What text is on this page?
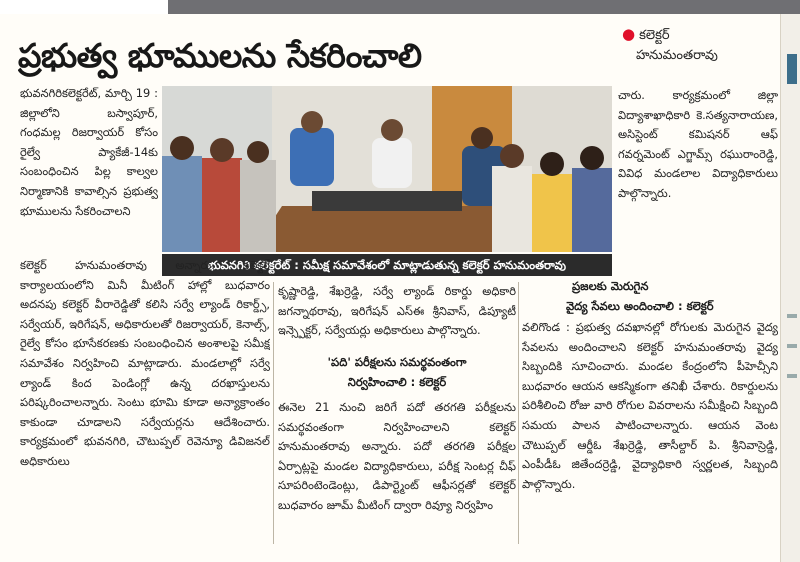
ప్రభుత్వ భూములను సేకరించాలి
● కలెక్టర్
హనుమంతరావు

భువనగిరికలెక్టరేట్, మార్చి 19 : జిల్లాలోని బస్వాపూర్, గంధమల్ల రిజర్వాయర్ కోసం రైల్వే ప్యాకేజీ-14కు సంబంధించిన పిల్ల కాల్వల నిర్మాణానికి కావాల్సిన ప్రభుత్వ భూములను సేకరించాలని

భువనగిరి కలెక్టరేట్ : సమీక్ష సమావేశంలో మాట్లాడుతున్న కలెక్టర్ హనుమంతరావు

కలెక్టర్ హనుమంతరావు అన్నారు. కలెక్టర్ కార్యాలయంలోని మినీ మీటింగ్ హాల్లో బుధవారం అదనపు కలెక్టర్ వీరారెడ్డితో కలిసి సర్వే ల్యాండ్ రికార్డ్స్, సర్వేయర్, ఇరిగేషన్, అధికారులతో రిజర్వాయర్, కెనాల్స్, రైల్వే కోసం భూసేకరణకు సంబంధించిన అంశాలపై సమీక్ష సమావేశం నిర్వహించి మాట్లాడారు. మండలాల్లో సర్వే ల్యాండ్ కింద పెండింగ్లో ఉన్న దరఖాస్తులను పరిష్కరించాలన్నారు. సెంటు భూమి కూడా అన్యాక్రాంతం కాకుండా చూడాలని సర్వేయర్లను ఆదేశించారు. కార్యక్రమంలో భువనగిరి, చౌటుప్పల్ రెవెన్యూ డివిజనల్ అధికారులు

కృష్ణారెడ్డి, శేఖర్రెడ్డి, సర్వే ల్యాండ్ రికార్డు అధికారి జగన్నాథరావు, ఇరిగేషన్ ఎస్ఈ శ్రీనివాస్, డిప్యూటీ ఇన్స్పెక్టర్, సర్వేయర్లు అధికారులు పాల్గొన్నారు.

'పది' పరీక్షలను సమర్థవంతంగా
నిర్వహించాలి : కలెక్టర్

ఈనెల 21 నుంచి జరిగే పదో తరగతి పరీక్షలను సమర్థవంతంగా నిర్వహించాలని కలెక్టర్ హనుమంతరావు అన్నారు. పదో తరగతి పరీక్షల ఏర్పాట్లపై మండల విద్యాధికారులు, పరీక్ష సెంటర్ల చీఫ్ సూపరింటెండెంట్లు, డిపార్ట్మెంట్ ఆఫీసర్లతో కలెక్టర్ బుధవారం జూమ్ మీటింగ్ ద్వారా రివ్యూ నిర్వహిం

చారు. కార్యక్రమంలో జిల్లా విద్యాశాఖాధికారి కె.సత్యనారాయణ, అసిస్టెంట్ కమిషనర్ ఆఫ్ గవర్నమెంట్ ఎగ్జామ్స్ రఘురాంరెడ్డి, వివిధ మండలాల విద్యాధికారులు పాల్గొన్నారు.

ప్రజలకు మెరుగైన
వైద్య సేవలు అందించాలి : కలెక్టర్

వలిగొండ : ప్రభుత్వ దవఖానల్లో రోగులకు మెరుగైన వైద్య సేవలను అందించాలని కలెక్టర్ హనుమంతరావు వైద్య సిబ్బందికి సూచించారు. మండల కేంద్రంలోని పీహెచ్సీని బుధవారం ఆయన ఆకస్మికంగా తనిఖీ చేశారు. రికార్డులను పరిశీలించి రోజు వారి రోగుల వివరాలను సమీక్షించి సిబ్బంది సమయ పాలన పాటించాలన్నారు. ఆయన వెంట చౌటుప్పల్ ఆర్డీఓ శేఖర్రెడ్డి, తాసీల్దార్ పి. శ్రీనివాస్రెడ్డి, ఎంపీడీఓ జితేందర్రెడ్డి, వైద్యాధికారి స్వర్ణలత, సిబ్బంది పాల్గొన్నారు.
